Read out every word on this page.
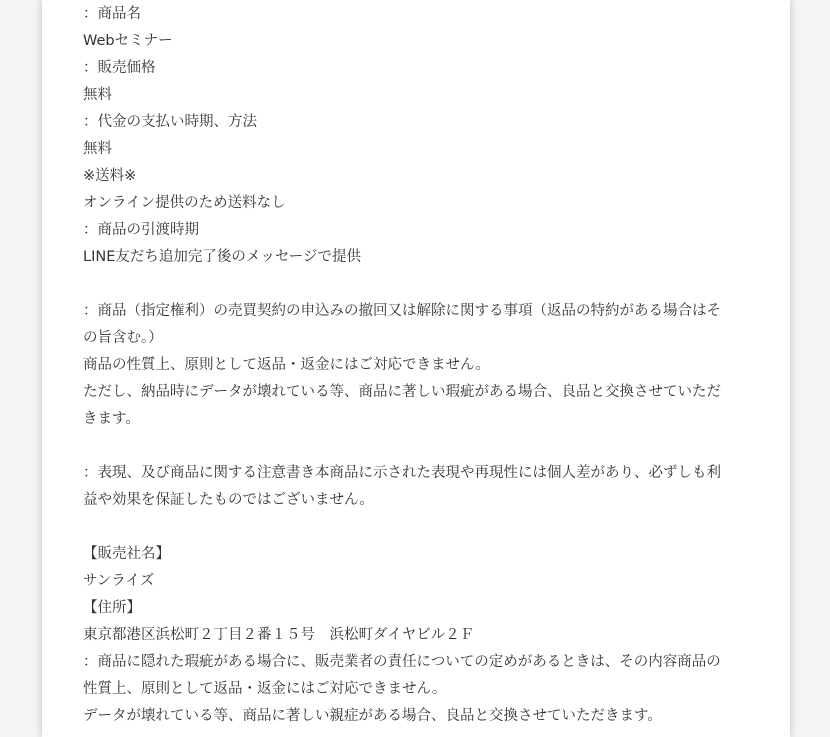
：商品名
Webセミナー
：販売価格
無料
：代金の支払い時期、方法
無料
※送料※
オンライン提供のため送料なし
：商品の引渡時期
LINE友だち追加完了後のメッセージで提供
：商品（指定権利）の売買契約の申込みの撤回又は解除に関する事項（返品の特約がある場合はそ
の旨含む。）
商品の性質上、原則として返品・返金にはご対応できません。
ただし、納品時にデータが壊れている等、商品に著しい瑕疵がある場合、良品と交換させていただ
きます。
：表現、及び商品に関する注意書き本商品に示された表現や再現性には個人差があり、必ずしも利
益や効果を保証したものではございません。
【販売社名】
サンライズ
【住所】
東京都港区浜松町２丁目２番１５号　浜松町ダイヤビル２Ｆ
：商品に隠れた瑕疵がある場合に、販売業者の責任についての定めがあるときは、その内容商品の
性質上、原則として返品・返金にはご対応できません。
データが壊れている等、商品に著しい親症がある場合、良品と交換させていただきます。
